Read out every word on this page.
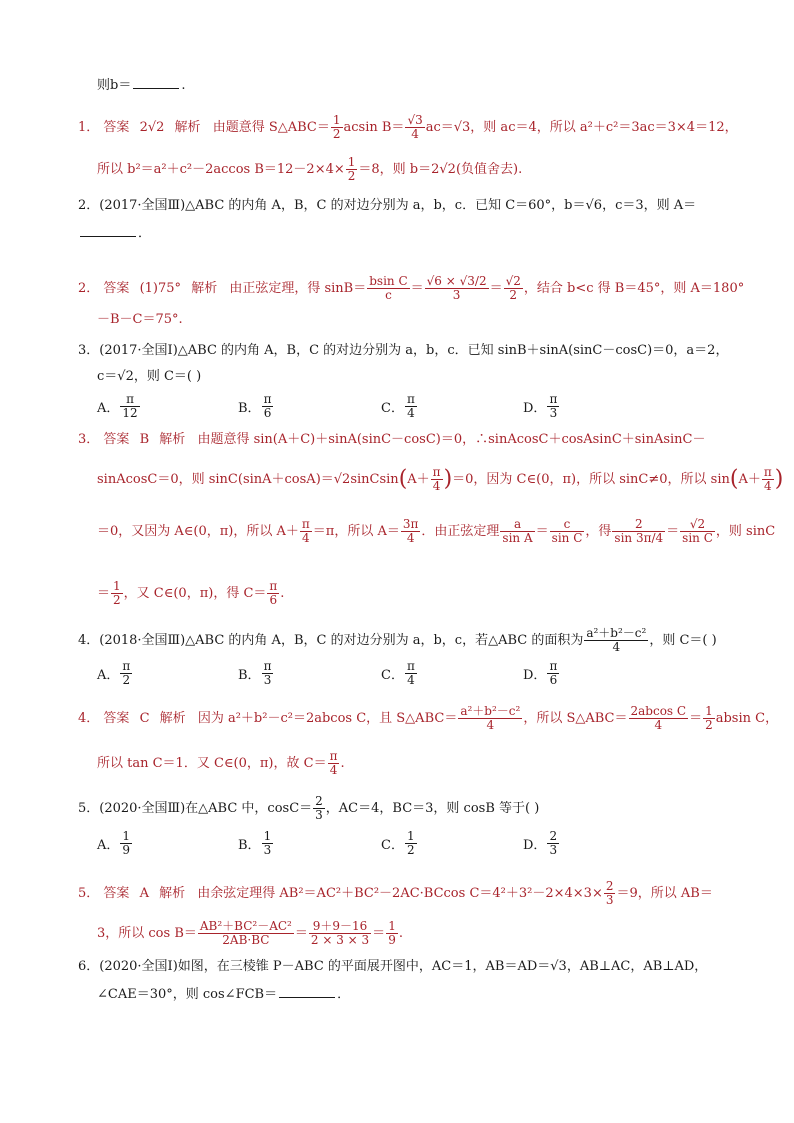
则b＝	.
1． 答案 2√2 解析 由题意得 S△ABC＝ $\frac{1}{2}$ acsin $B= \frac{√3}{4} ac=√3$，则 ac＝4，所以 a²＋c²＝3ac＝3×4＝12，
所以 b²＝a²＋c²－2accos $B=12-2\times 4\times \frac{1}{2} =8$，则 b＝2√2(负值舍去).
2．(2017·全国Ⅲ)△ABC 的内角 A，B，C 的对边分别为 a，b，c．已知 C＝60°，b＝√6，c＝3，则 A＝
．
2． 答案 (1)75° 解析 由正弦定理，得 $\sin B= \frac{\text{bsin C}}{c} = \frac{√6 \times √3/2}{3} = \frac{√2}{2}$ ，结合 b<c 得 B＝45°，则 A＝180°
－B－C＝75°.
3．(2017·全国Ⅰ)△ABC 的内角 A，B，C 的对边分别为 a，b，c．已知 sinB＋sinA(sinC－cosC)＝0，a＝2，
c＝√2，则 C＝( )
A． $\frac{\pi}{12}$	B． $\frac{\pi}{6}$	C． $\frac{\pi}{4}$	D． $\frac{\pi}{3}$
3． 答案 B 解析 由题意得 sin(A＋C)＋sinA(sinC－cosC)＝0，∴sinAcosC＋cosAsinC＋sinAsinC－
sinAcosC＝0，则 sinC(sinA＋cosA)＝√2sinCsin(A＋ $\frac{\pi}{4} )=0$，因为 C∈(0，π)，所以 sinC≠0，所以 $\sin(A+ \frac{\pi}{4}$ )
＝0，又因为 A∈(0，π)，所以 $A+ \frac{\pi}{4} =\pi$，所以 $A= \frac{3\pi}{4}$ ．由正弦定理 $\frac{a}{\text{sin A}} = \frac{c}{\text{sin C}}$ ，得 $\frac{2}{\sin 3\pi/4} = \frac{√2}{\text{sin C}}$ ，则 sinC
＝ $\frac{1}{2}$ ，又 C∈(0，π)，得 $C= \frac{\pi}{6}$ .
4．(2018·全国Ⅲ)△ABC 的内角 A，B，C 的对边分别为 a，b，c，若△ABC 的面积为 $\frac{\text{a²＋b²－c²}}{4}$ ，则 C＝( )
A． $\frac{\pi}{2}$	B． $\frac{\pi}{3}$	C． $\frac{\pi}{4}$	D． $\frac{\pi}{6}$
4． 答案 C 解析 因为 a²＋b²－c²＝2abcos C，且 S△ABC＝ $\frac{\text{a²＋b²－c²}}{4}$ ，所以 S△ABC＝ $\frac{\text{2abcos C}}{4} = \frac{1}{2}$ absin C，
所以 tan C＝1．又 C∈(0，π)，故 $C= \frac{\pi}{4}$ .
5．(2020·全国Ⅲ)在△ABC 中，$\cos C= \frac{2}{3}$ ，AC＝4，BC＝3，则 cosB 等于( )
A． $\frac{1}{9}$	B． $\frac{1}{3}$	C． $\frac{1}{2}$	D． $\frac{2}{3}$
5． 答案 A 解析 由余弦定理得 AB²＝AC²＋BC²－2AC·BCcos $C=4^2+3^2-2\times 4\times 3\times \frac{2}{3} =9$，所以 AB＝
3，所以 $\cos B= \frac{\text{AB²＋BC²－AC²}}{2AB\cdot BC} = \frac{9+9-16}{2 \times 3 \times 3} = \frac{1}{9}$ .
6．(2020·全国Ⅰ)如图，在三棱锥 P－ABC 的平面展开图中，AC＝1，AB＝AD＝√3，AB⊥AC，AB⊥AD，
∠CAE＝30°，则 cos∠FCB＝	．
